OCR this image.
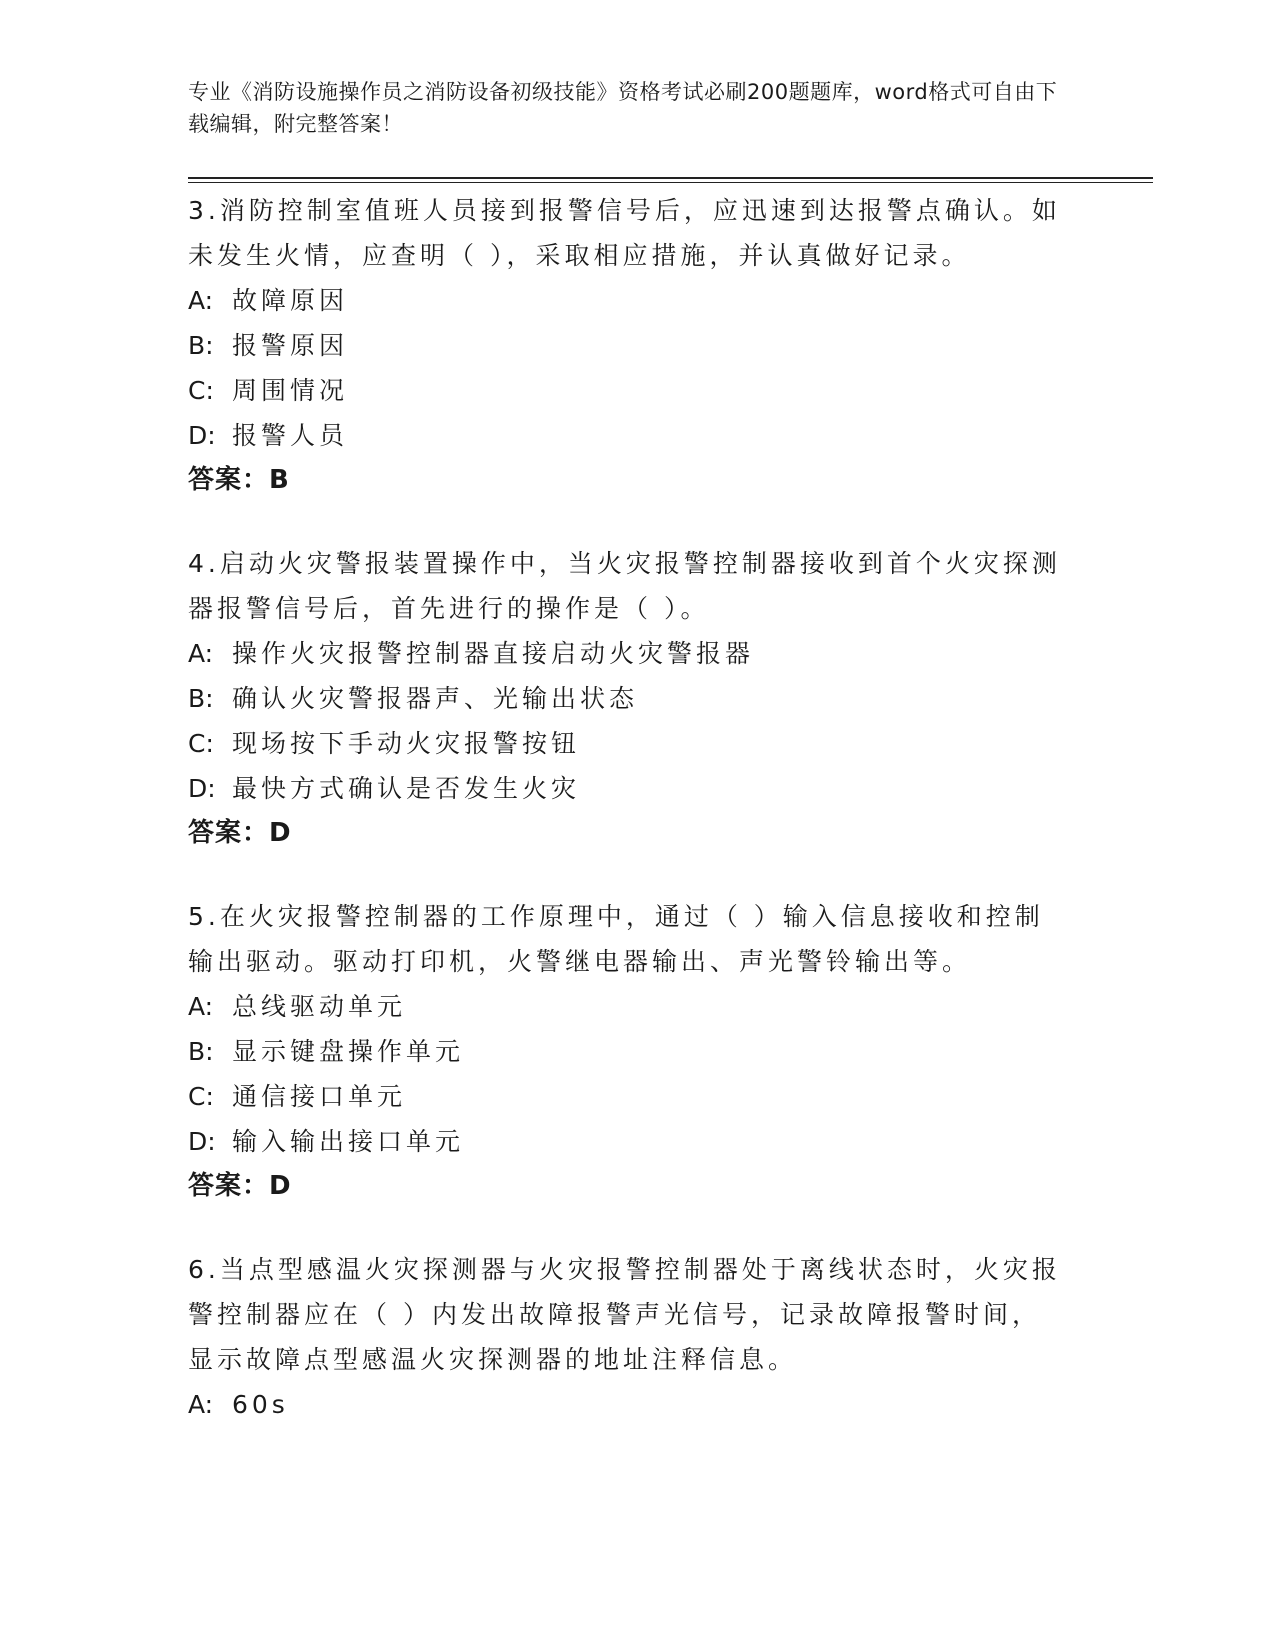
专业《消防设施操作员之消防设备初级技能》资格考试必刷200题题库，word格式可自由下载编辑，附完整答案！
3.消防控制室值班人员接到报警信号后，应迅速到达报警点确认。如未发生火情，应查明（ ），采取相应措施，并认真做好记录。
A: 故障原因
B: 报警原因
C: 周围情况
D: 报警人员
答案：B
4.启动火灾警报装置操作中，当火灾报警控制器接收到首个火灾探测器报警信号后，首先进行的操作是（ ）。
A: 操作火灾报警控制器直接启动火灾警报器
B: 确认火灾警报器声、光输出状态
C: 现场按下手动火灾报警按钮
D: 最快方式确认是否发生火灾
答案：D
5.在火灾报警控制器的工作原理中，通过（ ）输入信息接收和控制输出驱动。驱动打印机，火警继电器输出、声光警铃输出等。
A: 总线驱动单元
B: 显示键盘操作单元
C: 通信接口单元
D: 输入输出接口单元
答案：D
6.当点型感温火灾探测器与火灾报警控制器处于离线状态时，火灾报警控制器应在（ ）内发出故障报警声光信号，记录故障报警时间，显示故障点型感温火灾探测器的地址注释信息。
A: 60s
